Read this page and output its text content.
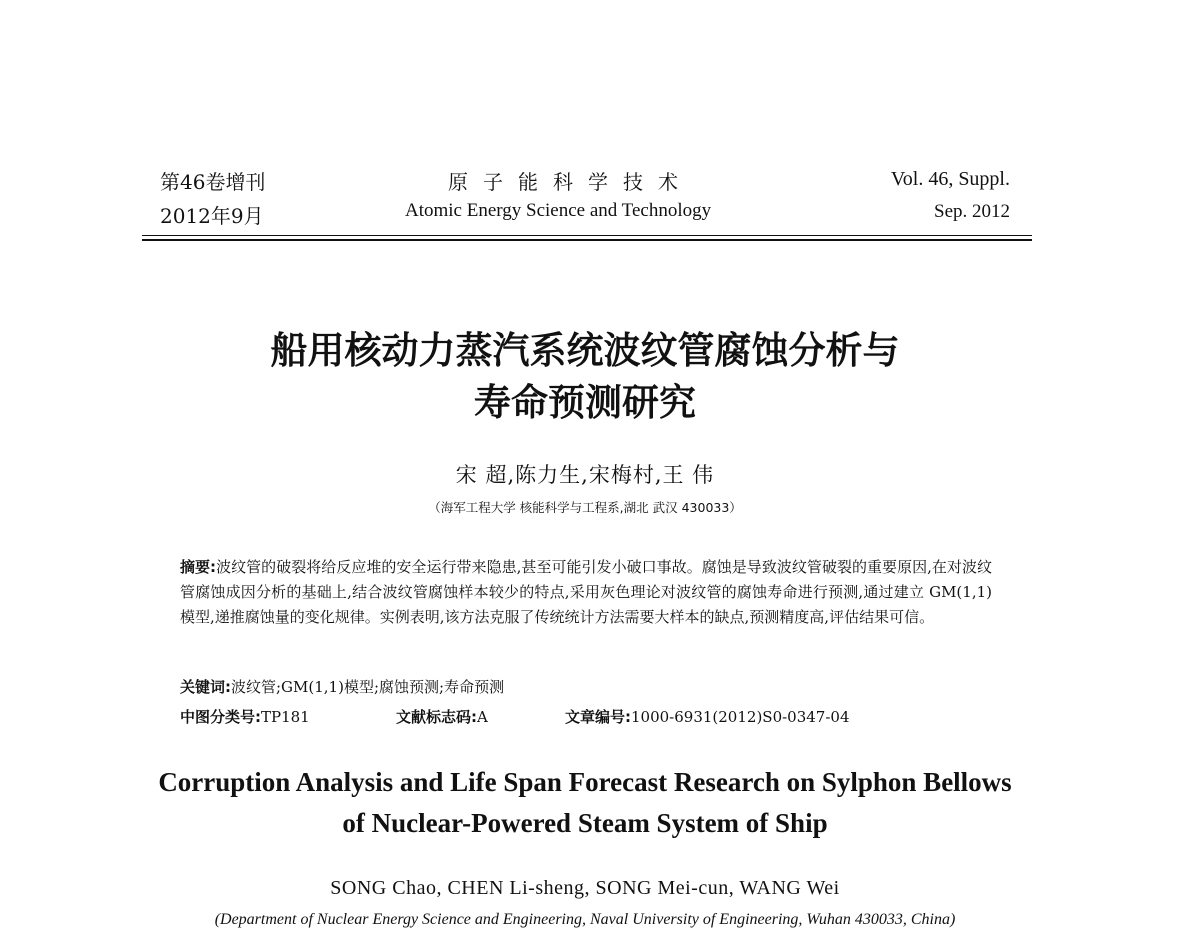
第46卷增刊
2012年9月
原子能科学技术
Atomic Energy Science and Technology
Vol. 46, Suppl.
Sep. 2012
船用核动力蒸汽系统波纹管腐蚀分析与
寿命预测研究
宋 超,陈力生,宋梅村,王 伟
（海军工程大学 核能科学与工程系,湖北 武汉 430033）
摘要:波纹管的破裂将给反应堆的安全运行带来隐患,甚至可能引发小破口事故。腐蚀是导致波纹管破裂的重要原因,在对波纹管腐蚀成因分析的基础上,结合波纹管腐蚀样本较少的特点,采用灰色理论对波纹管的腐蚀寿命进行预测,通过建立 GM(1,1)模型,递推腐蚀量的变化规律。实例表明,该方法克服了传统统计方法需要大样本的缺点,预测精度高,评估结果可信。
关键词:波纹管;GM(1,1)模型;腐蚀预测;寿命预测
中图分类号:TP181	文献标志码:A	文章编号:1000-6931(2012)S0-0347-04
Corruption Analysis and Life Span Forecast Research on Sylphon Bellows
of Nuclear-Powered Steam System of Ship
SONG Chao, CHEN Li-sheng, SONG Mei-cun, WANG Wei
(Department of Nuclear Energy Science and Engineering, Naval University of Engineering, Wuhan 430033, China)
